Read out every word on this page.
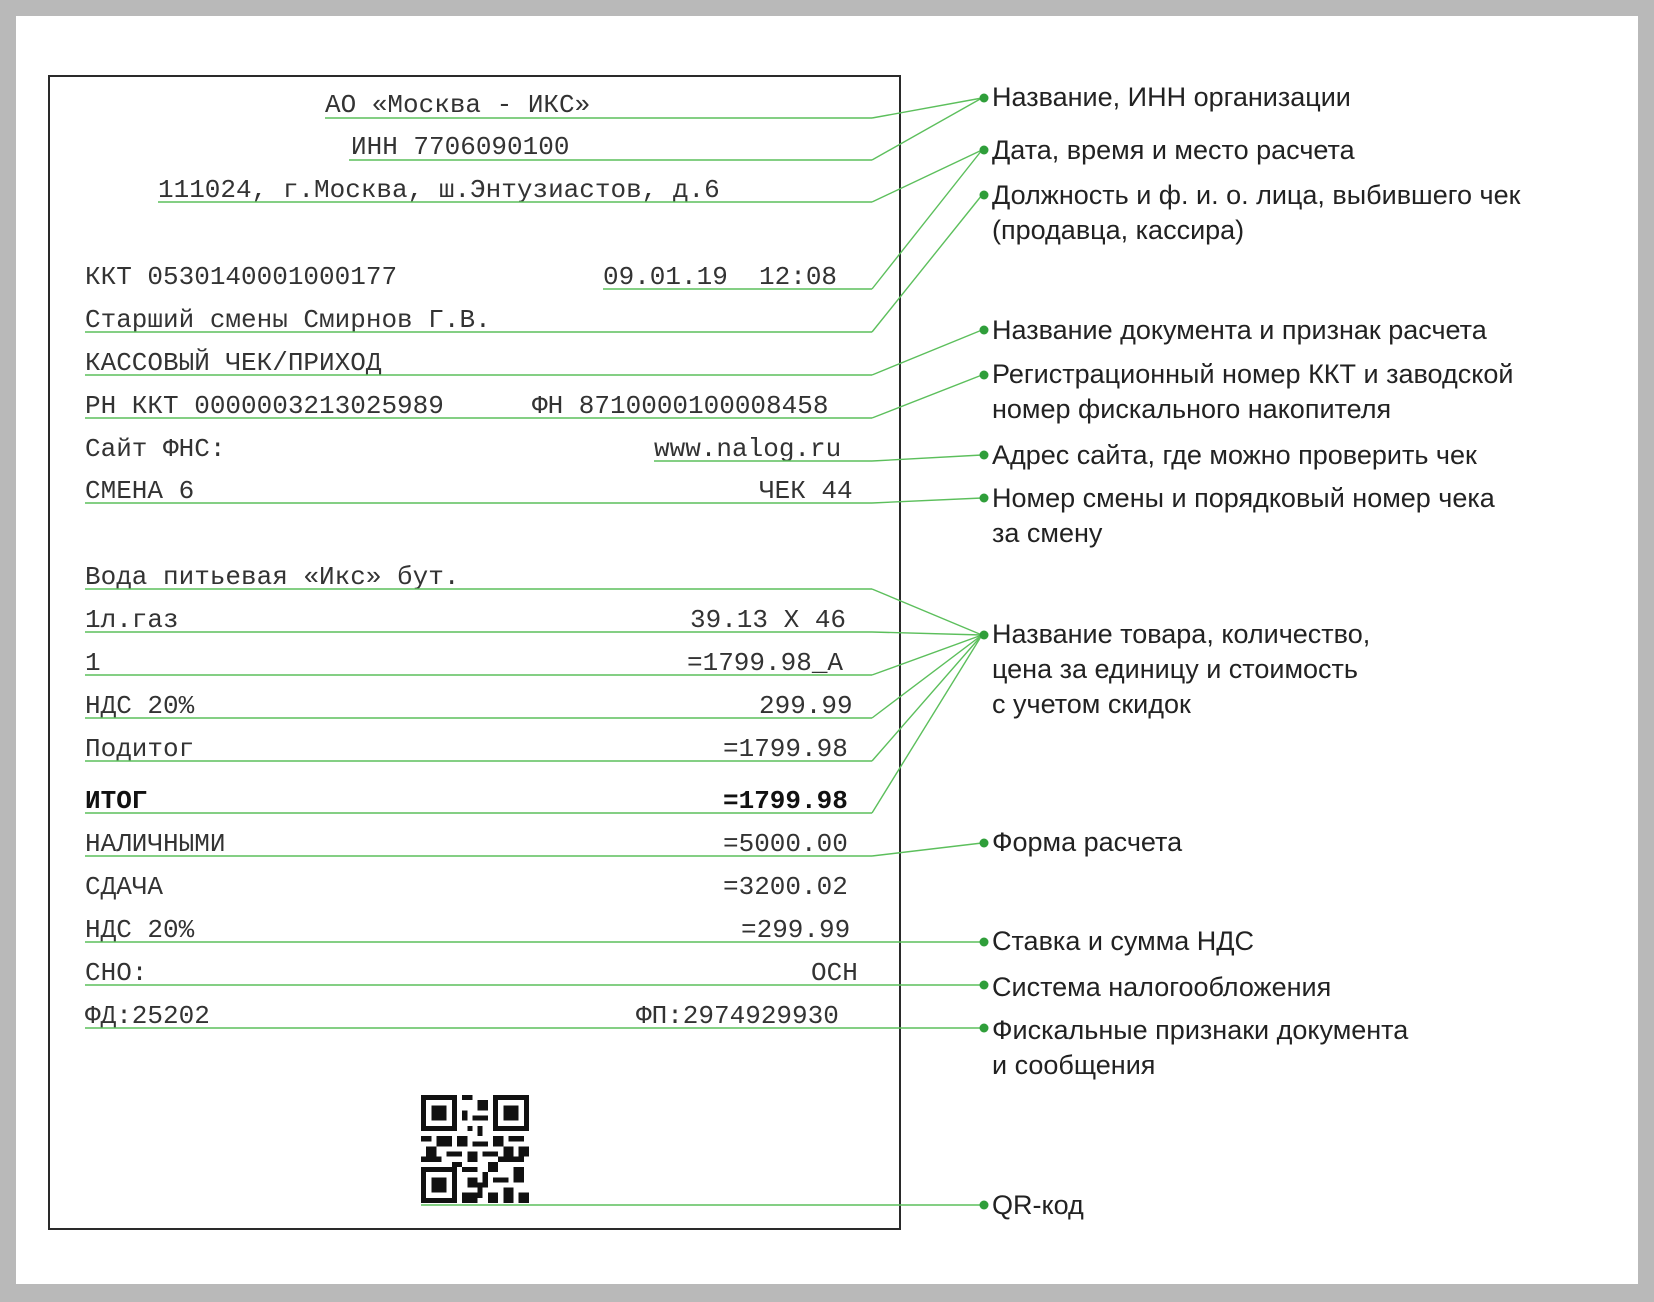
АО «Москва - ИКС»
ИНН 7706090100
111024, г.Москва, ш.Энтузиастов, д.6
ККТ 0530140001000177	09.01.19  12:08
Старший смены Смирнов Г.В.
КАССОВЫЙ ЧЕК/ПРИХОД
РН ККТ 0000003213025989	ФН 8710000100008458
Сайт ФНС:	www.nalog.ru
СМЕНА 6	ЧЕК 44
Вода питьевая «Икс» бут.
1л.газ	39.13 X 46
1	=1799.98_А
НДС 20%	299.99
Подитог	=1799.98
ИТОГ	=1799.98
НАЛИЧНЫМИ	=5000.00
СДАЧА	=3200.02
НДС 20%	=299.99
СНО:	ОСН
ФД:25202	ФП:2974929930
Название, ИНН организации
Дата, время и место расчета
Должность и ф. и. о. лица, выбившего чек
(продавца, кассира)
Название документа и признак расчета
Регистрационный номер ККТ и заводской
номер фискального накопителя
Адрес сайта, где можно проверить чек
Номер смены и порядковый номер чека
за смену
Название товара, количество,
цена за единицу и стоимость
с учетом скидок
Форма расчета
Ставка и сумма НДС
Система налогообложения
Фискальные признаки документа
и сообщения
QR-код
